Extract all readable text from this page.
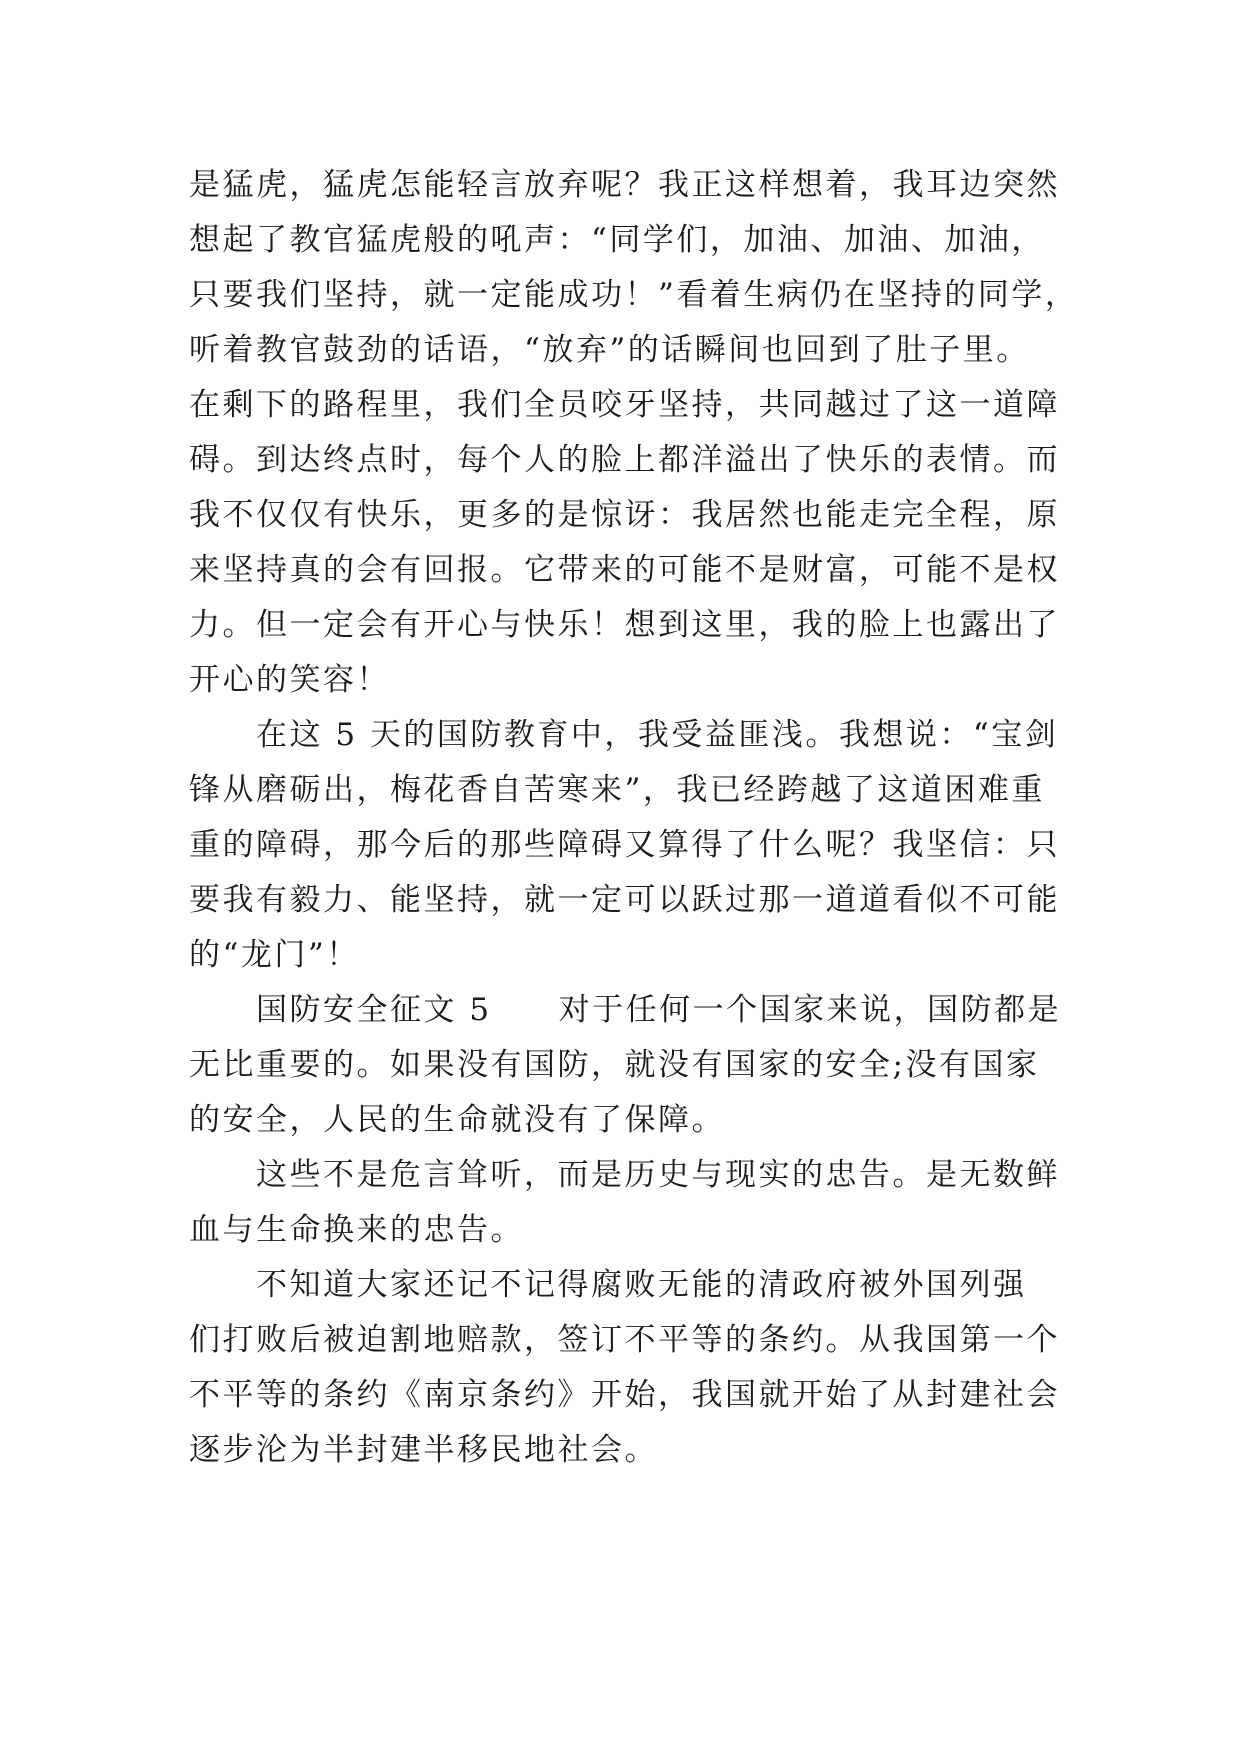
是猛虎，猛虎怎能轻言放弃呢？我正这样想着，我耳边突然
想起了教官猛虎般的吼声：“同学们，加油、加油、加油，
只要我们坚持，就一定能成功！”看着生病仍在坚持的同学，
听着教官鼓劲的话语，“放弃”的话瞬间也回到了肚子里。
在剩下的路程里，我们全员咬牙坚持，共同越过了这一道障
碍。到达终点时，每个人的脸上都洋溢出了快乐的表情。而
我不仅仅有快乐，更多的是惊讶：我居然也能走完全程，原
来坚持真的会有回报。它带来的可能不是财富，可能不是权
力。但一定会有开心与快乐！想到这里，我的脸上也露出了
开心的笑容！
　　在这 5 天的国防教育中，我受益匪浅。我想说：“宝剑
锋从磨砺出，梅花香自苦寒来”，我已经跨越了这道困难重
重的障碍，那今后的那些障碍又算得了什么呢？我坚信：只
要我有毅力、能坚持，就一定可以跃过那一道道看似不可能
的“龙门”！
　　国防安全征文 5　　对于任何一个国家来说，国防都是
无比重要的。如果没有国防，就没有国家的安全;没有国家
的安全，人民的生命就没有了保障。
　　这些不是危言耸听，而是历史与现实的忠告。是无数鲜
血与生命换来的忠告。
　　不知道大家还记不记得腐败无能的清政府被外国列强
们打败后被迫割地赔款，签订不平等的条约。从我国第一个
不平等的条约《南京条约》开始，我国就开始了从封建社会
逐步沦为半封建半移民地社会。
